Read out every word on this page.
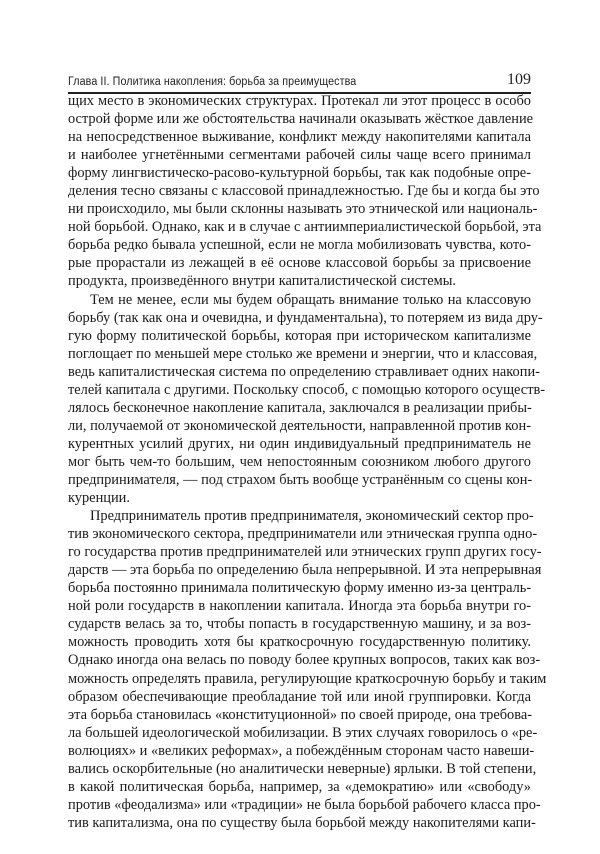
Глава II. Политика накопления: борьба за преимущества	109
щих место в экономических структурах. Протекал ли этот процесс в особо
острой форме или же обстоятельства начинали оказывать жёсткое давление
на непосредственное выживание, конфликт между накопителями капитала
и наиболее угнетёнными сегментами рабочей силы чаще всего принимал
форму лингвистическо-расово-культурной борьбы, так как подобные опре-
деления тесно связаны с классовой принадлежностью. Где бы и когда бы это
ни происходило, мы были склонны называть это этнической или националь-
ной борьбой. Однако, как и в случае с антиимпериалистической борьбой, эта
борьба редко бывала успешной, если не могла мобилизовать чувства, кото-
рые прорастали из лежащей в её основе классовой борьбы за присвоение
продукта, произведённого внутри капиталистической системы.
Тем не менее, если мы будем обращать внимание только на классовую
борьбу (так как она и очевидна, и фундаментальна), то потеряем из вида дру-
гую форму политической борьбы, которая при историческом капитализме
поглощает по меньшей мере столько же времени и энергии, что и классовая,
ведь капиталистическая система по определению стравливает одних накопи-
телей капитала с другими. Поскольку способ, с помощью которого осуществ-
лялось бесконечное накопление капитала, заключался в реализации прибы-
ли, получаемой от экономической деятельности, направленной против кон-
курентных усилий других, ни один индивидуальный предприниматель не
мог быть чем-то большим, чем непостоянным союзником любого другого
предпринимателя, — под страхом быть вообще устранённым со сцены кон-
куренции.
Предприниматель против предпринимателя, экономический сектор про-
тив экономического сектора, предприниматели или этническая группа одно-
го государства против предпринимателей или этнических групп других госу-
дарств — эта борьба по определению была непрерывной. И эта непрерывная
борьба постоянно принимала политическую форму именно из-за централь-
ной роли государств в накоплении капитала. Иногда эта борьба внутри го-
сударств велась за то, чтобы попасть в государственную машину, и за воз-
можность проводить хотя бы краткосрочную государственную политику.
Однако иногда она велась по поводу более крупных вопросов, таких как воз-
можность определять правила, регулирующие краткосрочную борьбу и таким
образом обеспечивающие преобладание той или иной группировки. Когда
эта борьба становилась «конституционной» по своей природе, она требова-
ла большей идеологической мобилизации. В этих случаях говорилось о «ре-
волюциях» и «великих реформах», а побеждённым сторонам часто навеши-
вались оскорбительные (но аналитически неверные) ярлыки. В той степени,
в какой политическая борьба, например, за «демократию» или «свободу»
против «феодализма» или «традиции» не была борьбой рабочего класса про-
тив капитализма, она по существу была борьбой между накопителями капи-
